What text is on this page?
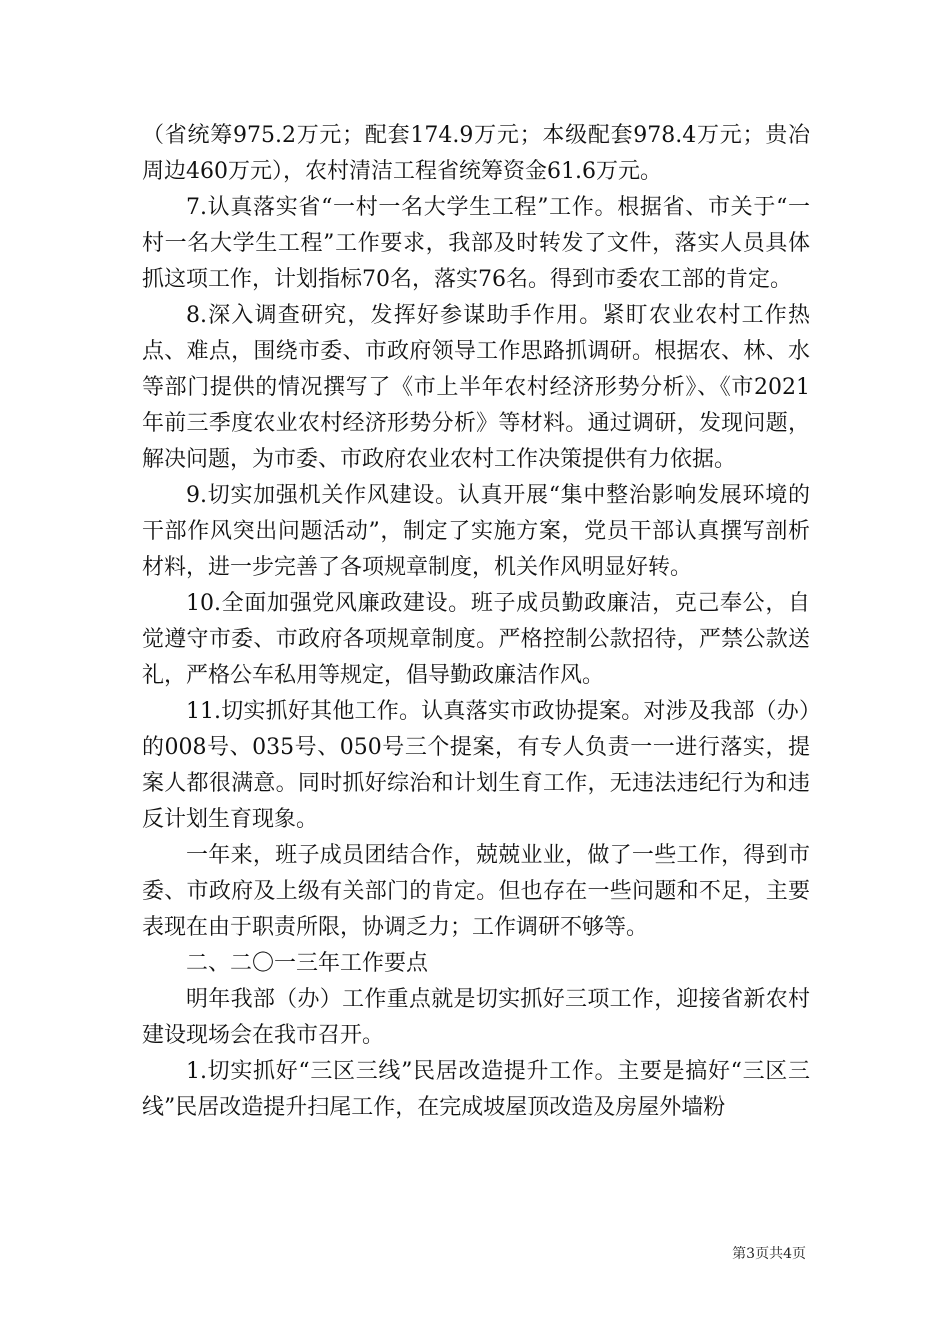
（省统筹975.2万元；配套174.9万元；本级配套978.4万元；贵冶周边460万元），农村清洁工程省统筹资金61.6万元。

7.认真落实省“一村一名大学生工程”工作。根据省、市关于“一村一名大学生工程”工作要求，我部及时转发了文件，落实人员具体抓这项工作，计划指标70名，落实76名。得到市委农工部的肯定。

8.深入调查研究，发挥好参谋助手作用。紧盯农业农村工作热点、难点，围绕市委、市政府领导工作思路抓调研。根据农、林、水等部门提供的情况撰写了《市上半年农村经济形势分析》、《市2021年前三季度农业农村经济形势分析》等材料。通过调研，发现问题，解决问题，为市委、市政府农业农村工作决策提供有力依据。

9.切实加强机关作风建设。认真开展“集中整治影响发展环境的干部作风突出问题活动”，制定了实施方案，党员干部认真撰写剖析材料，进一步完善了各项规章制度，机关作风明显好转。

10.全面加强党风廉政建设。班子成员勤政廉洁，克己奉公，自觉遵守市委、市政府各项规章制度。严格控制公款招待，严禁公款送礼，严格公车私用等规定，倡导勤政廉洁作风。

11.切实抓好其他工作。认真落实市政协提案。对涉及我部（办）的008号、035号、050号三个提案，有专人负责一一进行落实，提案人都很满意。同时抓好综治和计划生育工作，无违法违纪行为和违反计划生育现象。

一年来，班子成员团结合作，兢兢业业，做了一些工作，得到市委、市政府及上级有关部门的肯定。但也存在一些问题和不足，主要表现在由于职责所限，协调乏力；工作调研不够等。

二、二〇一三年工作要点

明年我部（办）工作重点就是切实抓好三项工作，迎接省新农村建设现场会在我市召开。

1.切实抓好“三区三线”民居改造提升工作。主要是搞好“三区三线”民居改造提升扫尾工作，在完成坡屋顶改造及房屋外墙粉

第3页共4页
